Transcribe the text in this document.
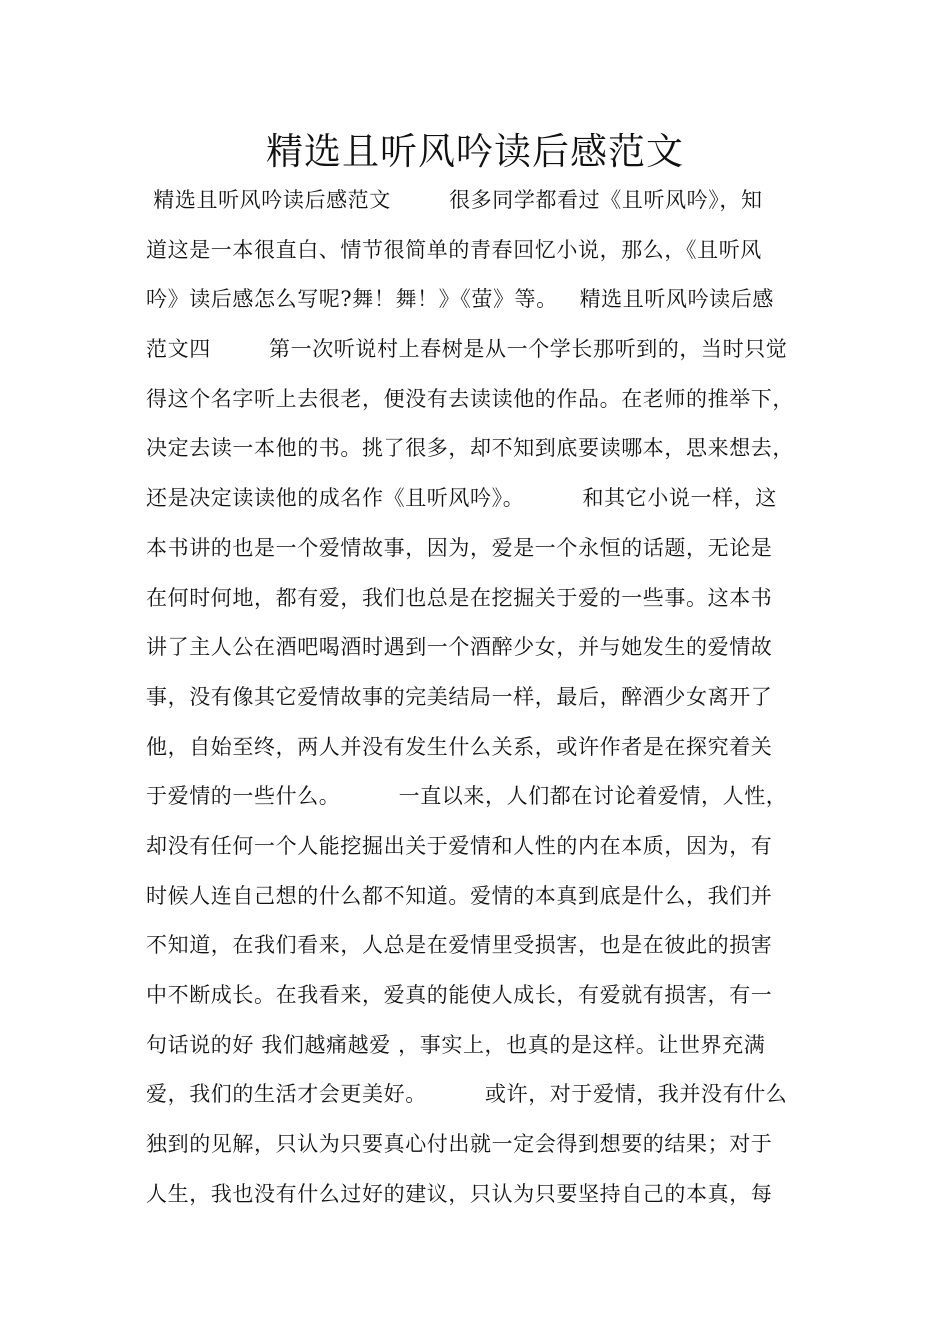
精选且听风吟读后感范文
精选且听风吟读后感范文        很多同学都看过《且听风吟》，知
道这是一本很直白、情节很简单的青春回忆小说，那么，《且听风
吟》读后感怎么写呢?舞！舞！》《萤》等。   精选且听风吟读后感
范文四        第一次听说村上春树是从一个学长那听到的，当时只觉
得这个名字听上去很老，便没有去读读他的作品。在老师的推举下，
决定去读一本他的书。挑了很多，却不知到底要读哪本，思来想去，
还是决定读读他的成名作《且听风吟》。        和其它小说一样，这
本书讲的也是一个爱情故事，因为，爱是一个永恒的话题，无论是
在何时何地，都有爱，我们也总是在挖掘关于爱的一些事。这本书
讲了主人公在酒吧喝酒时遇到一个酒醉少女，并与她发生的爱情故
事，没有像其它爱情故事的完美结局一样，最后，醉酒少女离开了
他，自始至终，两人并没有发生什么关系，或许作者是在探究着关
于爱情的一些什么。        一直以来，人们都在讨论着爱情，人性，
却没有任何一个人能挖掘出关于爱情和人性的内在本质，因为，有
时候人连自己想的什么都不知道。爱情的本真到底是什么，我们并
不知道，在我们看来，人总是在爱情里受损害，也是在彼此的损害
中不断成长。在我看来，爱真的能使人成长，有爱就有损害，有一
句话说的好 我们越痛越爱 ，事实上，也真的是这样。让世界充满
爱，我们的生活才会更美好。        或许，对于爱情，我并没有什么
独到的见解，只认为只要真心付出就一定会得到想要的结果；对于
人生，我也没有什么过好的建议，只认为只要坚持自己的本真，每
